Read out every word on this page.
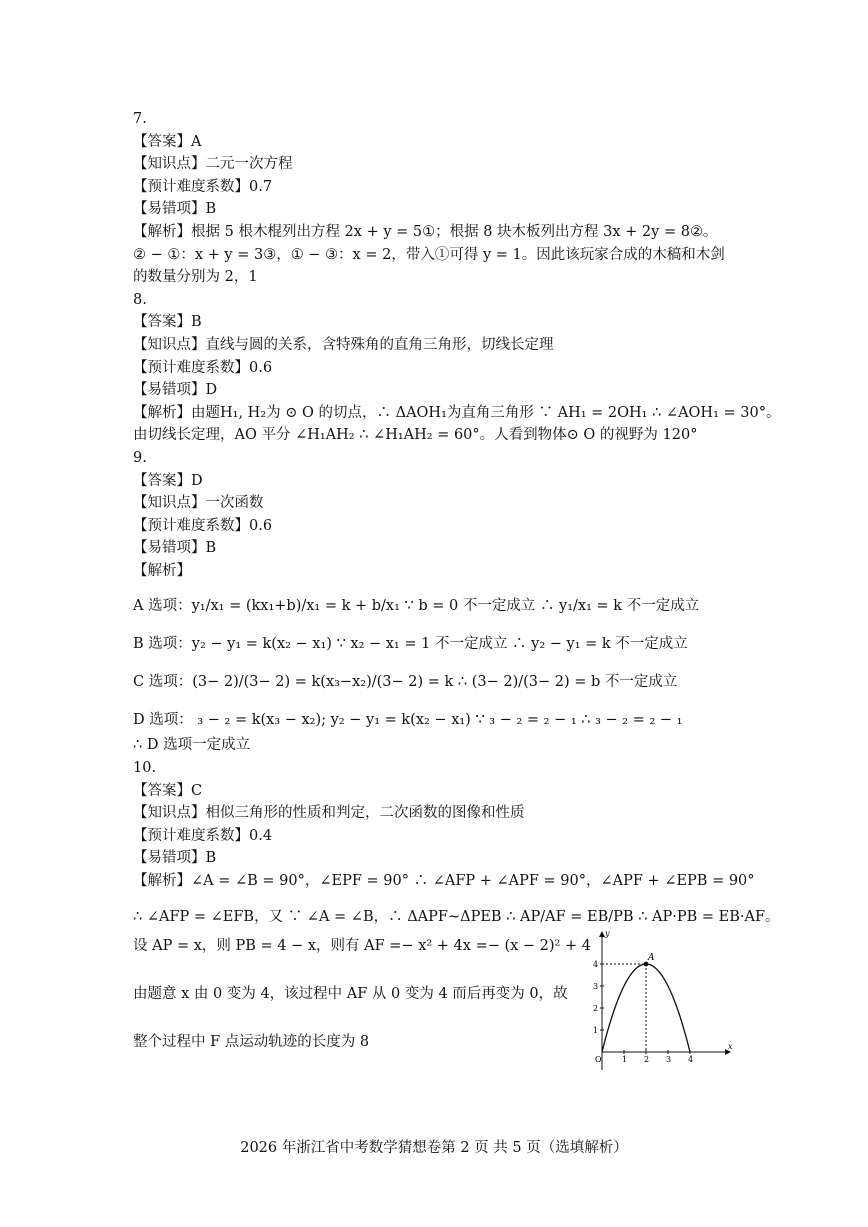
7.
【答案】A
【知识点】二元一次方程
【预计难度系数】0.7
【易错项】B
【解析】根据 5 根木棍列出方程 2x + y = 5①；根据 8 块木板列出方程 3x + 2y = 8②。
② − ①：x + y = 3③，① − ③：x = 2，带入①可得 y = 1。因此该玩家合成的木稿和木剑
的数量分别为 2，1
8.
【答案】B
【知识点】直线与圆的关系，含特殊角的直角三角形，切线长定理
【预计难度系数】0.6
【易错项】D
【解析】由题H₁, H₂为 ⊙ O 的切点，∴ ΔAOH₁为直角三角形 ∵ AH₁ = 2OH₁ ∴ ∠AOH₁ = 30°。
由切线长定理，AO 平分 ∠H₁AH₂ ∴ ∠H₁AH₂ = 60°。人看到物体⊙ O 的视野为 120°
9.
【答案】D
【知识点】一次函数
【预计难度系数】0.6
【易错项】B
【解析】
A 选项：y₁/x₁ = (kx₁+b)/x₁ = k + b/x₁ ∵ b = 0 不一定成立 ∴ y₁/x₁ = k 不一定成立
B 选项：y₂ − y₁ = k(x₂ − x₁) ∵ x₂ − x₁ = 1 不一定成立 ∴ y₂ − y₁ = k 不一定成立
C 选项：(3− 2)/(3− 2) = k(x₃−x₂)/(3− 2) = k ∴ (3− 2)/(3− 2) = b 不一定成立
D 选项： ₃ − ₂ = k(x₃ − x₂); y₂ − y₁ = k(x₂ − x₁) ∵ ₃ − ₂ = ₂ − ₁ ∴ ₃ − ₂ = ₂ − ₁
∴ D 选项一定成立
10.
【答案】C
【知识点】相似三角形的性质和判定，二次函数的图像和性质
【预计难度系数】0.4
【易错项】B
【解析】∠A = ∠B = 90°，∠EPF = 90° ∴ ∠AFP + ∠APF = 90°，∠APF + ∠EPB = 90°
∴ ∠AFP = ∠EFB，又 ∵ ∠A = ∠B，∴ ΔAPF∼ΔPEB ∴ AP/AF = EB/PB ∴ AP·PB = EB·AF。
设 AP = x，则 PB = 4 − x，则有 AF =− x² + 4x =− (x − 2)² + 4
由题意 x 由 0 变为 4，该过程中 AF 从 0 变为 4 而后再变为 0，故
整个过程中 F 点运动轨迹的长度为 8
A
y
x
O
1
2
3
4
1 2 3 4
2026 年浙江省中考数学猜想卷第 2 页 共 5 页（选填解析）
